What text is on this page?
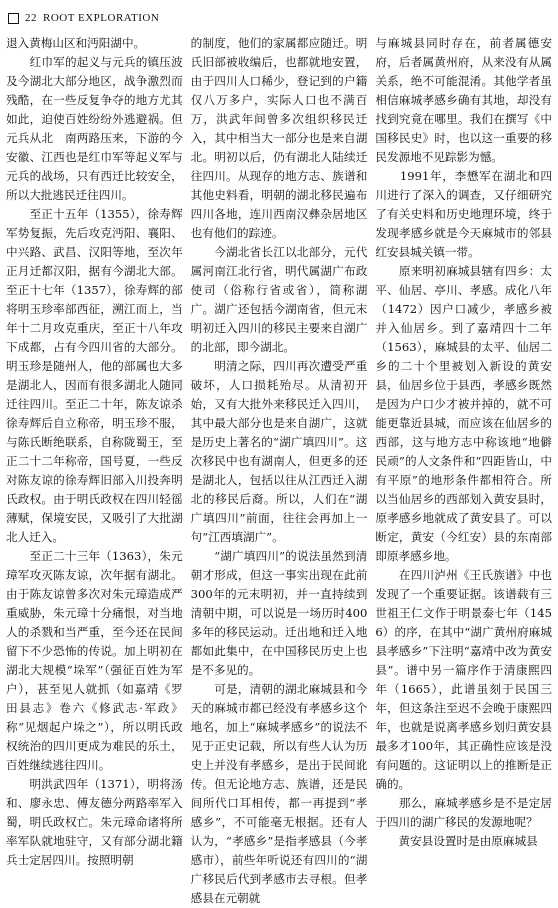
22 ROOT EXPLORATION

退入黄梅山区和沔阳湖中。

　　红巾军的起义与元兵的镇压波及今湖北大部分地区，战争激烈而残酷，在一些反复争夺的地方尤其如此，迫使百姓纷纷外逃避祸。但元兵从北　南两路压来，下游的今安徽、江西也是红巾军等起义军与元兵的战场，只有西迁比较安全，所以大批逃民迁往四川。

　　至正十五年（1355），徐寿辉军势复振，先后攻克沔阳、襄阳、中兴路、武昌、汉阳等地，至次年正月迁都汉阳，据有今湖北大部。至正十七年（1357），徐寿辉的部将明玉珍率部西征，溯江而上，当年十二月攻克重庆，至正十八年攻下成都，占有今四川省的大部分。明玉珍是随州人，他的部属也大多是湖北人，因而有很多湖北人随同迁往四川。至正二十年，陈友谅杀徐寿辉后自立称帝，明玉珍不服，与陈氏断绝联系，自称陇蜀王，至正二十二年称帝，国号夏，一些反对陈友谅的徐寿辉旧部入川投奔明氏政权。由于明氏政权在四川轻徭薄赋，保境安民，又吸引了大批湖北人迁入。

　　至正二十三年（1363），朱元璋军攻灭陈友谅，次年据有湖北。由于陈友谅曾多次对朱元璋造成严重威胁，朱元璋十分痛恨，对当地人的杀戮和当严重，至今还在民间留下不少恐怖的传说。加上明初在湖北大规模“垛军”（强征百姓为军户），甚至见人就抓（如嘉靖《罗田县志》卷六《修武志·军政》称“见烟起户垛之”），所以明氏政权统治的四川更成为难民的乐土，百姓继续逃往四川。

　　明洪武四年（1371），明将汤和、廖永忠、傅友德分两路率军入蜀，明氏政权亡。朱元璋命诸将所率军队就地驻守，又有部分湖北籍兵士定居四川。按照明朝

的制度，他们的家属都应随迁。明氏旧部被收编后，也都就地安置，由于四川人口稀少，登记到的户籍仅八万多户，实际人口也不满百万，洪武年间曾多次组织移民迁入，其中相当大一部分也是来自湖北。明初以后，仍有湖北人陆续迁往四川。从现存的地方志、族谱和其他史料看，明朝的湖北移民遍布四川各地，连川西南汉彝杂居地区也有他们的踪迹。

　　今湖北省长江以北部分，元代属河南江北行省，明代属湖广布政使司（俗称行省或省），简称湖广。湖广还包括今湖南省，但元末明初迁入四川的移民主要来自湖广的北部，即今湖北。

　　明清之际，四川再次遭受严重破坏，人口损耗殆尽。从清初开始，又有大批外来移民迁入四川，其中最大部分也是来自湖广，这就是历史上著名的“湖广填四川”。这次移民中也有湖南人，但更多的还是湖北人，包括以往从江西迁入湖北的移民后裔。所以，人们在“湖广填四川”前面，往往会再加上一句“江西填湖广”。

　　“湖广填四川”的说法虽然到清朝才形成，但这一事实出现在此前300年的元末明初，并一直持续到清朝中期，可以说是一场历时400多年的移民运动。迁出地和迁入地都如此集中，在中国移民历史上也是不多见的。

　　可是，清朝的湖北麻城县和今天的麻城市都已经没有孝感乡这个地名，加上“麻城孝感乡”的说法不见于正史记载，所以有些人认为历史上并没有孝感乡，是出于民间讹传。但无论地方志、族谱，还是民间所代口耳相传，都一再提到“孝感乡”，不可能毫无根据。还有人认为，“孝感乡”是指孝感县（今孝感市），前些年听说还有四川的“湖广移民后代到孝感市去寻根。但孝感县在元朝就

与麻城县同时存在，前者属德安府，后者属黄州府，从来没有从属关系，绝不可能混淆。其他学者虽相信麻城孝感乡确有其地，却没有找到究竟在哪里。我们在撰写《中国移民史》时，也以这一重要的移民发源地不见踪影为憾。

　　1991年，李懋军在湖北和四川进行了深入的调查，又仔细研究了有关史料和历史地理环境，终于发现孝感乡就是今天麻城市的邻县红安县城关镇一带。

　　原来明初麻城县辖有四乡：太平、仙居、亭川、孝感。成化八年（1472）因户口减少，孝感乡被并入仙居乡。到了嘉靖四十二年（1563），麻城县的太平、仙居二乡的二十个里被划入新设的黄安县，仙居乡位于县西，孝感乡既然是因为户口少才被并掉的，就不可能更靠近县城，而应该在仙居乡的西部，这与地方志中称该地“地僻民顽”的人文条件和“四距皆山，中有平原”的地形条件都相符合。所以当仙居乡的西部划入黄安县时，原孝感乡地就成了黄安县了。可以断定，黄安（今红安）县的东南部即原孝感乡地。

　　在四川泸州《王氏族谱》中也发现了一个重要证据。该谱载有三世祖王仁文作于明景泰七年（1456）的序，在其中“湖广黄州府麻城县孝感乡”下注明“嘉靖中改为黄安县”。谱中另一篇序作于清康熙四年（1665），此谱虽刻于民国三年，但这条注至迟不会晚于康熙四年，也就是说离孝感乡划归黄安县最多才100年，其正确性应该是没有问题的。这证明以上的推断是正确的。

　　那么，麻城孝感乡是不是定居于四川的湖广移民的发源地呢？

　　黄安县设置时是由原麻城县
